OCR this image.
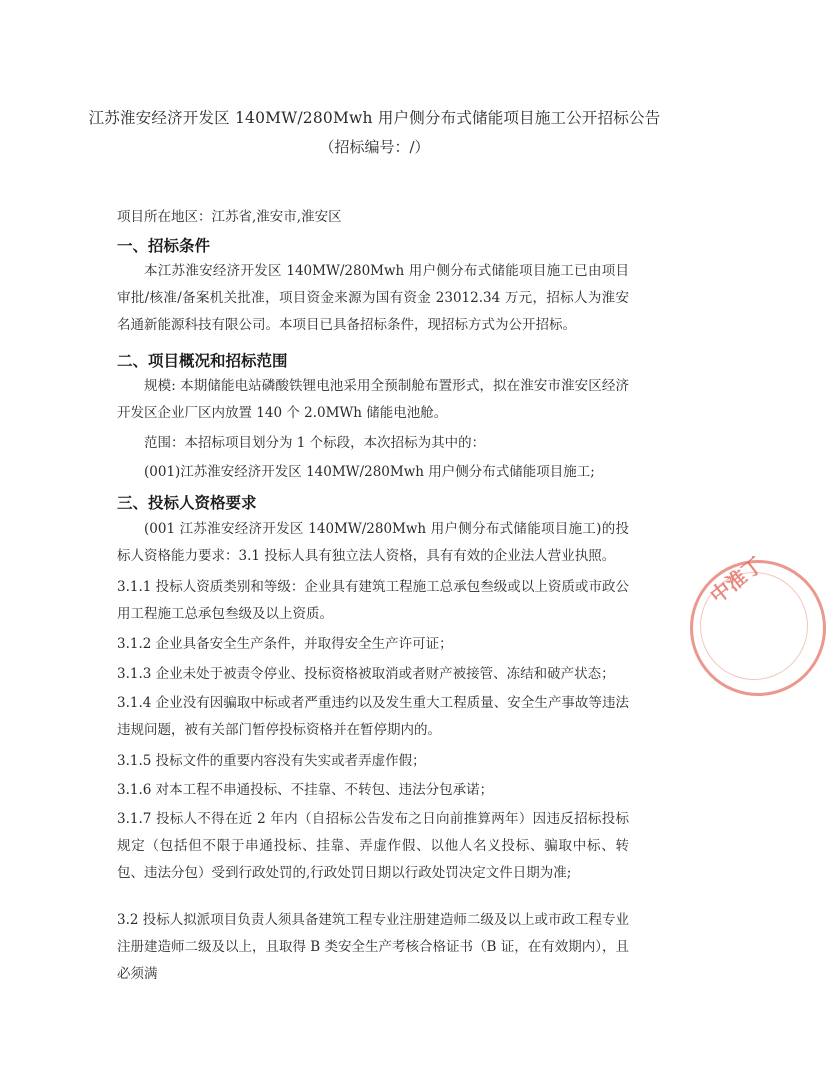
江苏淮安经济开发区 140MW/280Mwh 用户侧分布式储能项目施工公开招标公告
（招标编号：/）
项目所在地区：江苏省,淮安市,淮安区
一、招标条件
本江苏淮安经济开发区 140MW/280Mwh 用户侧分布式储能项目施工已由项目审批/核准/备案机关批准，项目资金来源为国有资金 23012.34 万元，招标人为淮安名通新能源科技有限公司。本项目已具备招标条件，现招标方式为公开招标。
二、项目概况和招标范围
规模: 本期储能电站磷酸铁锂电池采用全预制舱布置形式，拟在淮安市淮安区经济开发区企业厂区内放置 140 个 2.0MWh 储能电池舱。
范围：本招标项目划分为 1 个标段，本次招标为其中的：
(001)江苏淮安经济开发区 140MW/280Mwh 用户侧分布式储能项目施工;
三、投标人资格要求
(001 江苏淮安经济开发区 140MW/280Mwh 用户侧分布式储能项目施工)的投标人资格能力要求：3.1 投标人具有独立法人资格，具有有效的企业法人营业执照。
3.1.1 投标人资质类别和等级：企业具有建筑工程施工总承包叁级或以上资质或市政公用工程施工总承包叁级及以上资质。
3.1.2 企业具备安全生产条件，并取得安全生产许可证；
3.1.3 企业未处于被责令停业、投标资格被取消或者财产被接管、冻结和破产状态；
3.1.4 企业没有因骗取中标或者严重违约以及发生重大工程质量、安全生产事故等违法违规问题，被有关部门暂停投标资格并在暂停期内的。
3.1.5 投标文件的重要内容没有失实或者弄虚作假；
3.1.6 对本工程不串通投标、不挂靠、不转包、违法分包承诺；
3.1.7 投标人不得在近 2 年内（自招标公告发布之日向前推算两年）因违反招标投标规定（包括但不限于串通投标、挂靠、弄虚作假、以他人名义投标、骗取中标、转包、违法分包）受到行政处罚的,行政处罚日期以行政处罚决定文件日期为准;
3.2 投标人拟派项目负责人须具备建筑工程专业注册建造师二级及以上或市政工程专业注册建造师二级及以上，且取得 B 类安全生产考核合格证书（B 证，在有效期内），且必须满
中淮丁
